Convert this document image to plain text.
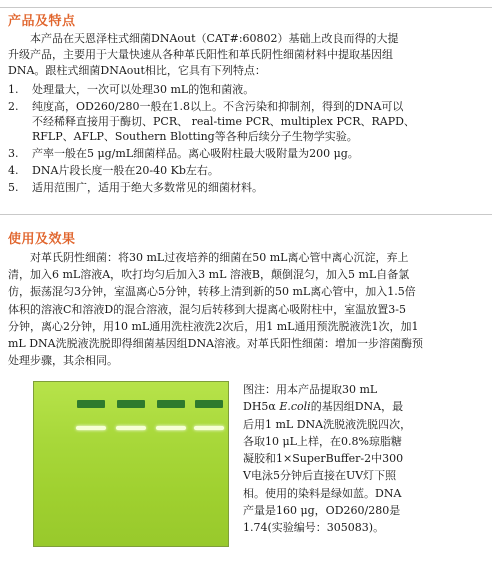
产品及特点
　　本产品在天恩泽柱式细菌DNAout（CAT#:60802）基础上改良而得的大提
升级产品，主要用于大量快速从各种革氏阳性和革氏阴性细菌材料中提取基因组
DNA。跟柱式细菌DNAout相比，它具有下列特点：
1.	处理量大，一次可以处理30 mL的饱和菌液。
2.	纯度高，OD260/280一般在1.8以上。不含污染和抑制剂，得到的DNA可以
不经稀释直接用于酶切、PCR、 real-time PCR、multiplex PCR、RAPD、
RFLP、AFLP、Southern Blotting等各种后续分子生物学实验。
3.	产率一般在5 μg/mL细菌样品。离心吸附柱最大吸附量为200 μg。
4.	DNA片段长度一般在20-40 Kb左右。
5.	适用范围广，适用于绝大多数常见的细菌材料。
使用及效果
　　对革氏阴性细菌：将30 mL过夜培养的细菌在50 mL离心管中离心沉淀，弃上
清，加入6 mL溶液A，吹打均匀后加入3 mL 溶液B，颠倒混匀，加入5 mL自备氯
仿，振荡混匀3分钟，室温离心5分钟，转移上清到新的50 mL离心管中，加入1.5倍
体积的溶液C和溶液D的混合溶液，混匀后转移到大提离心吸附柱中，室温放置3-5
分钟，离心2分钟，用10 mL通用洗柱液洗2次后，用1 mL通用预洗脱液洗1次，加1
mL DNA洗脱液洗脱即得细菌基因组DNA溶液。对革氏阳性细菌：增加一步溶菌酶预
处理步骤，其余相同。
图注：用本产品提取30 mL
DH5α E.coli的基因组DNA，最
后用1 mL DNA洗脱液洗脱四次，
各取10 μL上样，在0.8%琼脂糖
凝胶和1×SuperBuffer-2中300
V电泳5分钟后直接在UV灯下照
相。使用的染料是绿如蓝。DNA
产量是160 μg，OD260/280是
1.74(实验编号：305083)。
